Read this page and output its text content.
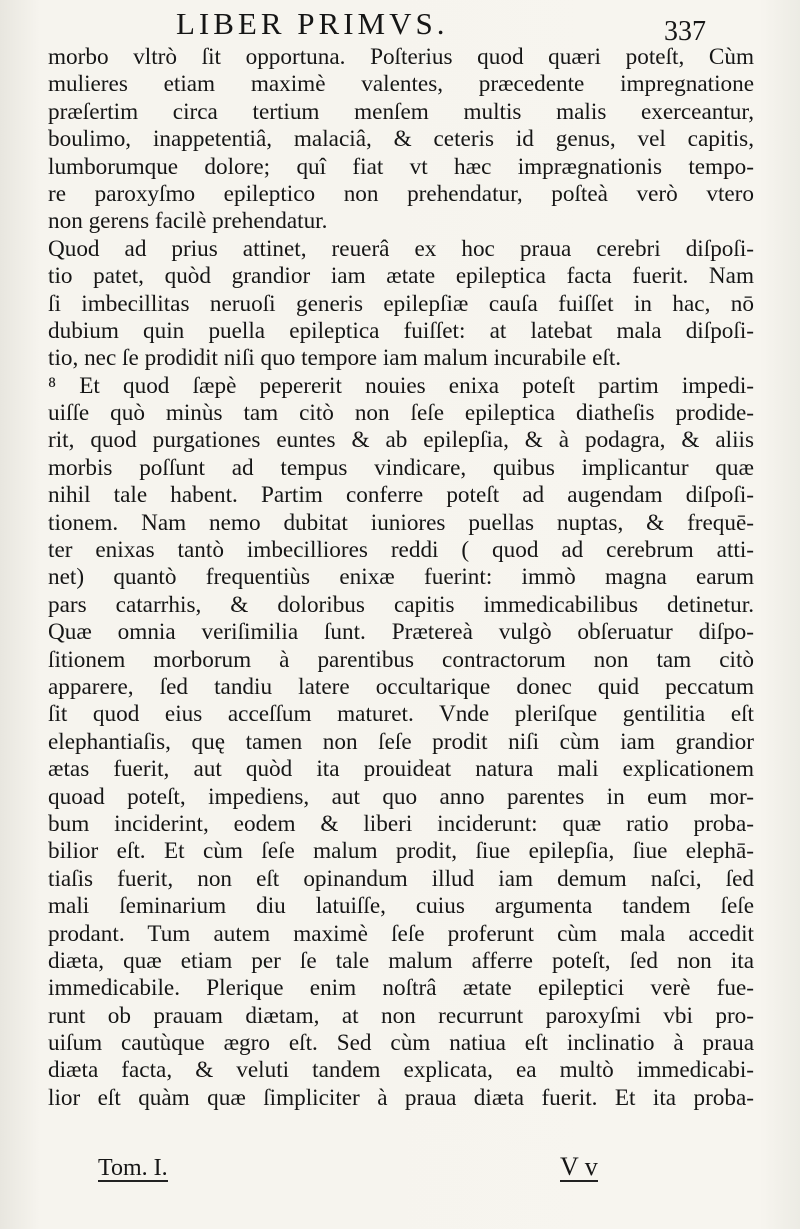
LIBER PRIMVS.	337
morbo vltrò ſit opportuna. Poſterius quod quæri poteſt, Cùm
mulieres etiam maximè valentes, præcedente impregnatione
præſertim circa tertium menſem multis malis exerceantur,
boulimo, inappetentiâ, malaciâ, & ceteris id genus, vel capitis,
lumborumque dolore; quî fiat vt hæc imprægnationis tempo-
re paroxyſmo epileptico non prehendatur, poſteà verò vtero
non gerens facilè prehendatur.
Quod ad prius attinet, reuerâ ex hoc praua cerebri diſpoſi-
tio patet, quòd grandior iam ætate epileptica facta fuerit. Nam
ſi imbecillitas neruoſi generis epilepſiæ cauſa fuiſſet in hac, nō
dubium quin puella epileptica fuiſſet: at latebat mala diſpoſi-
tio, nec ſe prodidit niſi quo tempore iam malum incurabile eſt.
⁸ Et quod ſæpè pepererit nouies enixa poteſt partim impedi-
uiſſe quò minùs tam citò non ſeſe epileptica diatheſis prodide-
rit, quod purgationes euntes & ab epilepſia, & à podagra, & aliis
morbis poſſunt ad tempus vindicare, quibus implicantur quæ
nihil tale habent. Partim conferre poteſt ad augendam diſpoſi-
tionem. Nam nemo dubitat iuniores puellas nuptas, & frequē-
ter enixas tantò imbecilliores reddi ( quod ad cerebrum atti-
net) quantò frequentiùs enixæ fuerint: immò magna earum
pars catarrhis, & doloribus capitis immedicabilibus detinetur.
Quæ omnia veriſimilia ſunt. Prætereà vulgò obſeruatur diſpo-
ſitionem morborum à parentibus contractorum non tam citò
apparere, ſed tandiu latere occultarique donec quid peccatum
ſit quod eius acceſſum maturet. Vnde pleriſque gentilitia eſt
elephantiaſis, quę tamen non ſeſe prodit niſi cùm iam grandior
ætas fuerit, aut quòd ita prouideat natura mali explicationem
quoad poteſt, impediens, aut quo anno parentes in eum mor-
bum inciderint, eodem & liberi inciderunt: quæ ratio proba-
bilior eſt. Et cùm ſeſe malum prodit, ſiue epilepſia, ſiue elephā-
tiaſis fuerit, non eſt opinandum illud iam demum naſci, ſed
mali ſeminarium diu latuiſſe, cuius argumenta tandem ſeſe
prodant. Tum autem maximè ſeſe proferunt cùm mala accedit
diæta, quæ etiam per ſe tale malum afferre poteſt, ſed non ita
immedicabile. Plerique enim noſtrâ ætate epileptici verè fue-
runt ob prauam diætam, at non recurrunt paroxyſmi vbi pro-
uiſum cautùque ægro eſt. Sed cùm natiua eſt inclinatio à praua
diæta facta, & veluti tandem explicata, ea multò immedicabi-
lior eſt quàm quæ ſimpliciter à praua diæta fuerit. Et ita proba-
Tom. I.	V v
